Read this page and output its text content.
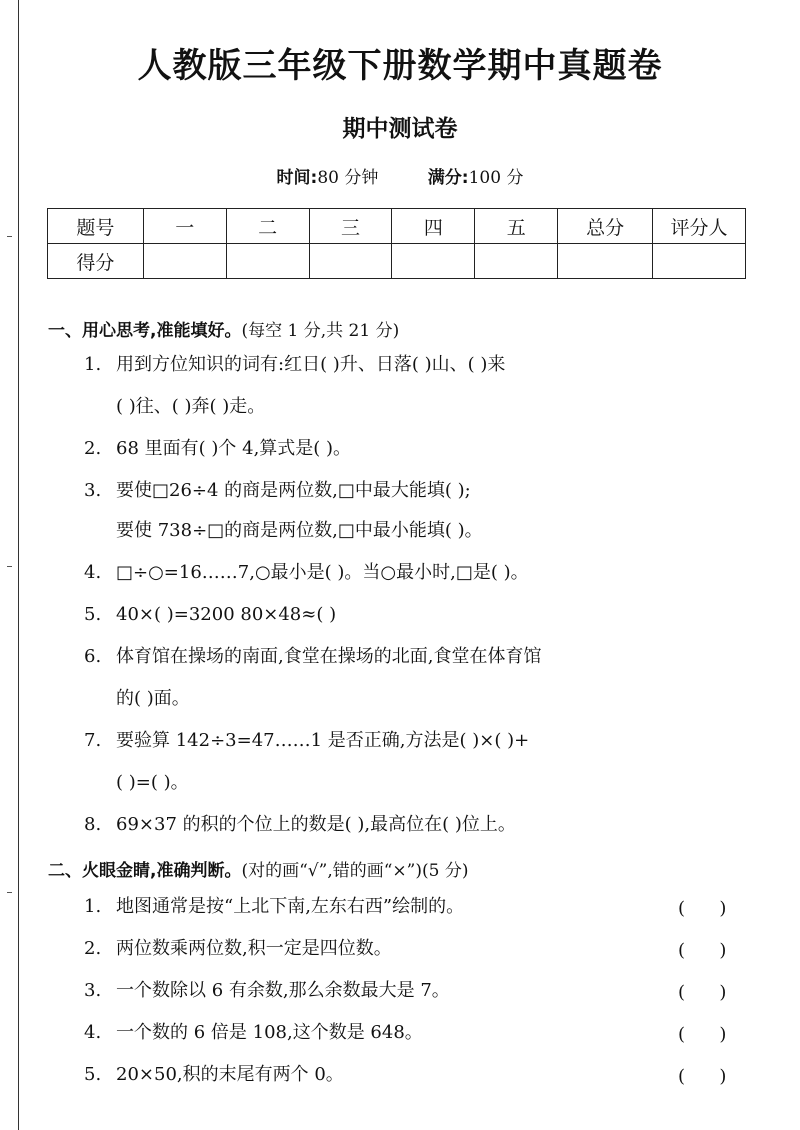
人教版三年级下册数学期中真题卷
期中测试卷
时间:80 分钟	满分:100 分
题号	一	二	三	四	五	总分	评分人
得分							
一、用心思考,准能填好。(每空 1 分,共 21 分)
1. 用到方位知识的词有:红日( )升、日落( )山、( )来
( )往、( )奔( )走。
2. 68 里面有( )个 4,算式是( )。
3. 要使□26÷4 的商是两位数,□中最大能填( );
要使 738÷□的商是两位数,□中最小能填( )。
4. □÷○=16……7,○最小是( )。当○最小时,□是( )。
5. 40×( )=3200 80×48≈( )
6. 体育馆在操场的南面,食堂在操场的北面,食堂在体育馆
的( )面。
7. 要验算 142÷3=47……1 是否正确,方法是( )×( )+
( )=( )。
8. 69×37 的积的个位上的数是( ),最高位在( )位上。
二、火眼金睛,准确判断。(对的画“√”,错的画“×”)(5 分)
1. 地图通常是按“上北下南,左东右西”绘制的。	(      )
2. 两位数乘两位数,积一定是四位数。	(      )
3. 一个数除以 6 有余数,那么余数最大是 7。	(      )
4. 一个数的 6 倍是 108,这个数是 648。	(      )
5. 20×50,积的末尾有两个 0。	(      )
